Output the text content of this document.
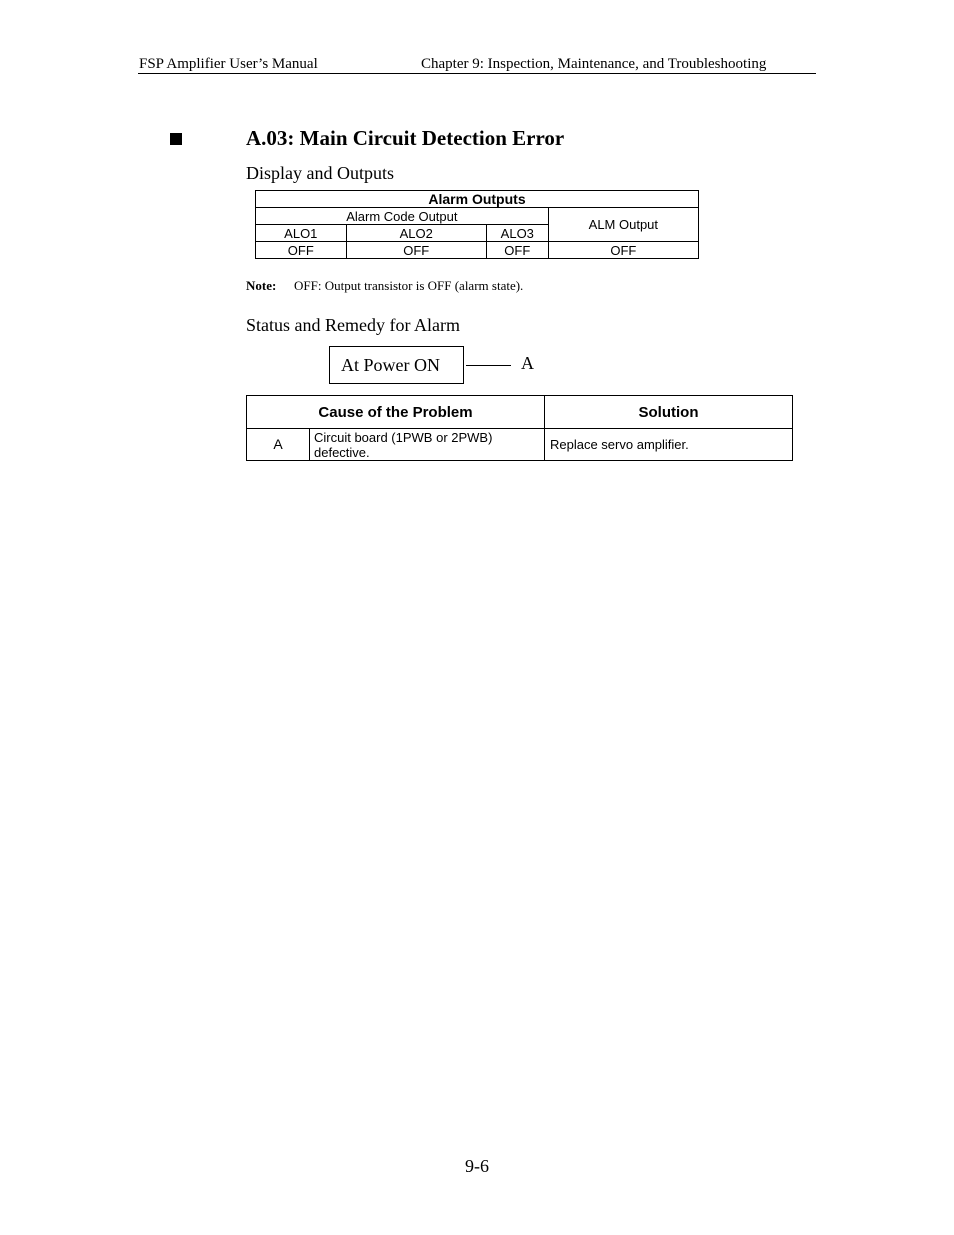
FSP Amplifier User’s Manual	Chapter 9: Inspection, Maintenance, and Troubleshooting
A.03: Main Circuit Detection Error
Display and Outputs
Alarm Outputs			
Alarm Code Output			ALM Output
ALO1	ALO2	ALO3	
OFF	OFF	OFF	OFF
Note: OFF: Output transistor is OFF (alarm state).
Status and Remedy for Alarm
At Power ON	A
Cause of the Problem		Solution
A	Circuit board (1PWB or 2PWB) defective.	Replace servo amplifier.
9-6
